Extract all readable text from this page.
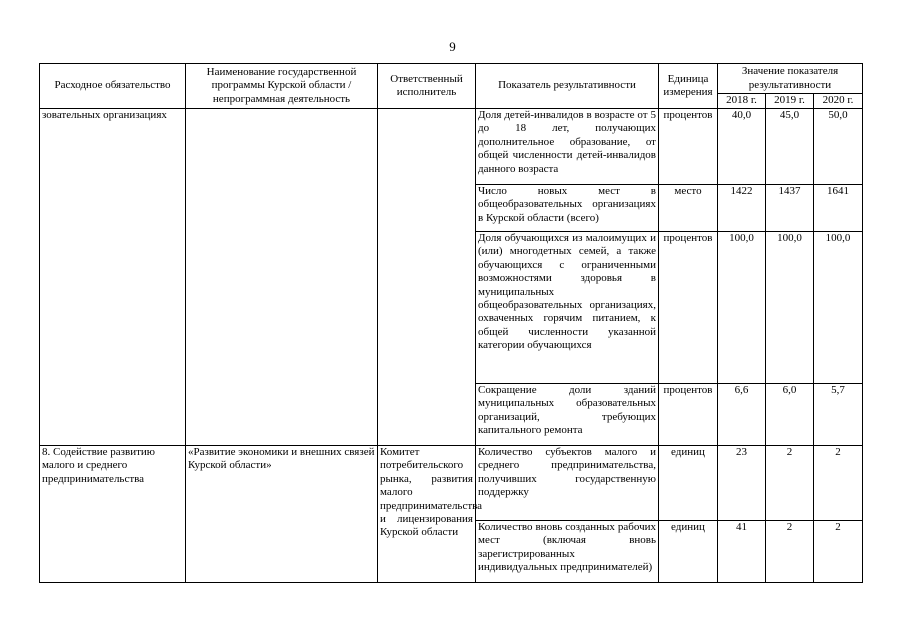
9
Расходное обязательство	Наименование государственной программы Курской области / непрограммная деятельность	Ответственный исполнитель	Показатель результативности	Единица измерения	Значение показателя результативности		
					2018 г.	2019 г.	2020 г.
зовательных организациях			Доля детей-инвалидов в возрасте от 5 до 18 лет, получающих дополнительное образование, от общей численности детей-инвалидов данного возраста	процентов	40,0	45,0	50,0
			Число новых мест в общеобразовательных организациях в Курской области (всего)	место	1422	1437	1641
			Доля обучающихся из малоимущих и (или) многодетных семей, а также обучающихся с ограниченными возможностями здоровья в муниципальных общеобразовательных организациях, охваченных горячим питанием, к общей численности указанной категории обучающихся	процентов	100,0	100,0	100,0
			Сокращение доли зданий муниципальных образовательных организаций, требующих капитального ремонта	процентов	6,6	6,0	5,7
8. Содействие развитию малого и среднего предпринимательства	«Развитие экономики и внешних связей Курской области»	Комитет потребительского рынка, развития малого предпринимательства и лицензирования Курской области	Количество субъектов малого и среднего предпринимательства, получивших государственную поддержку	единиц	23	2	2
			Количество вновь созданных рабочих мест (включая вновь зарегистрированных индивидуальных предпринимателей)	единиц	41	2	2
